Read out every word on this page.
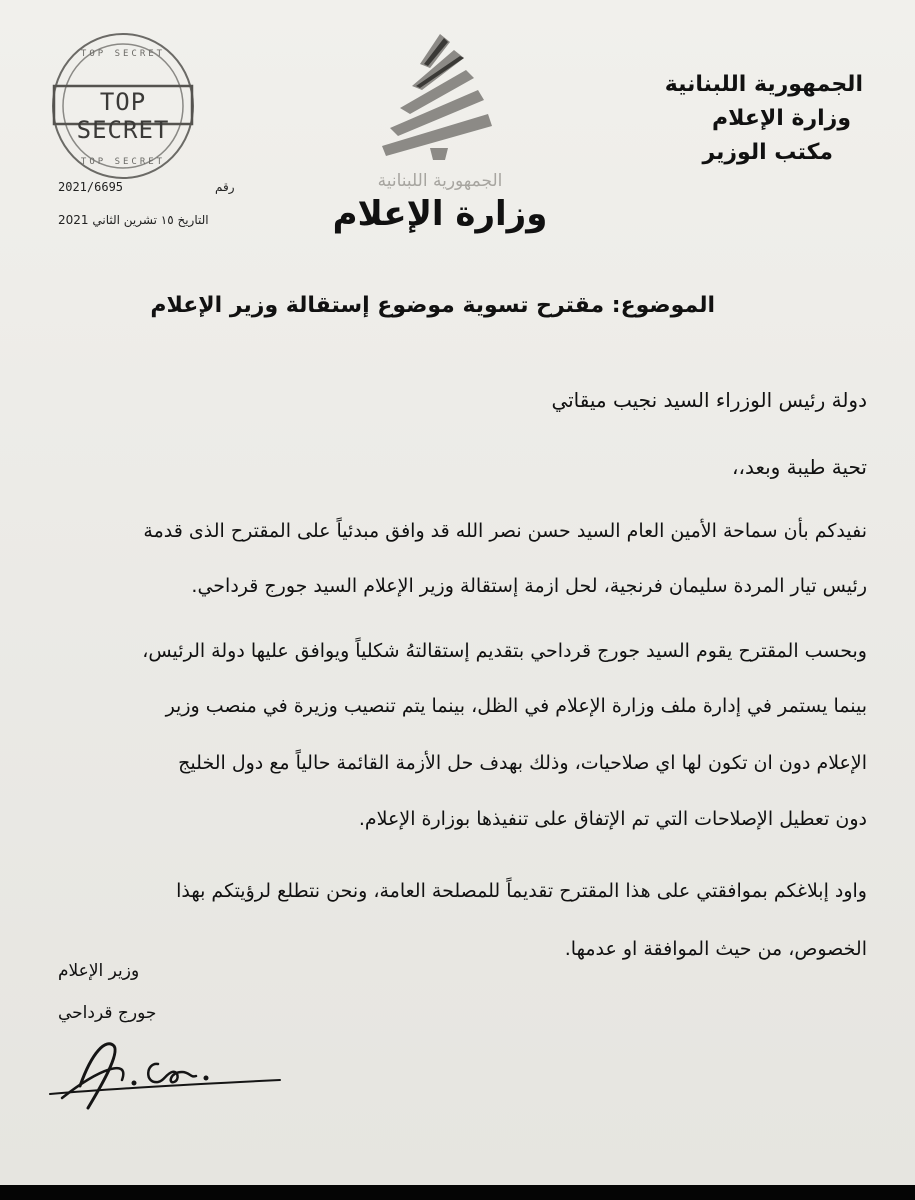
TOP SECRET
TOP SECRET
TOP SECRET
2021/6695	رقم
التاريخ ١٥ تشرين الثاني 2021
الجمهورية اللبنانية
وزارة الإعلام
الجمهورية اللبنانية
وزارة الإعلام
مكتب الوزير
الموضوع: مقترح تسوية موضوع إستقالة وزير الإعلام
دولة رئيس الوزراء السيد نجيب ميقاتي
تحية طيبة وبعد،،
نفيدكم بأن سماحة الأمين العام السيد حسن نصر الله قد وافق مبدئياً على المقترح الذى قدمة
رئيس تيار المردة سليمان فرنجية، لحل ازمة إستقالة وزير الإعلام السيد جورج قرداحي.
وبحسب المقترح يقوم السيد جورج قرداحي بتقديم إستقالتهُ شكلياً ويوافق عليها دولة الرئيس،
بينما يستمر في إدارة ملف وزارة الإعلام في الظل، بينما يتم تنصيب وزيرة في منصب وزير
الإعلام دون ان تكون لها اي صلاحيات، وذلك بهدف حل الأزمة القائمة حالياً مع دول الخليج
دون تعطيل الإصلاحات التي تم الإتفاق على تنفيذها بوزارة الإعلام.
واود إبلاغكم بموافقتي على هذا المقترح تقديماً للمصلحة العامة، ونحن نتطلع لرؤيتكم بهذا
الخصوص، من حيث الموافقة او عدمها.
وزير الإعلام
جورج قرداحي
